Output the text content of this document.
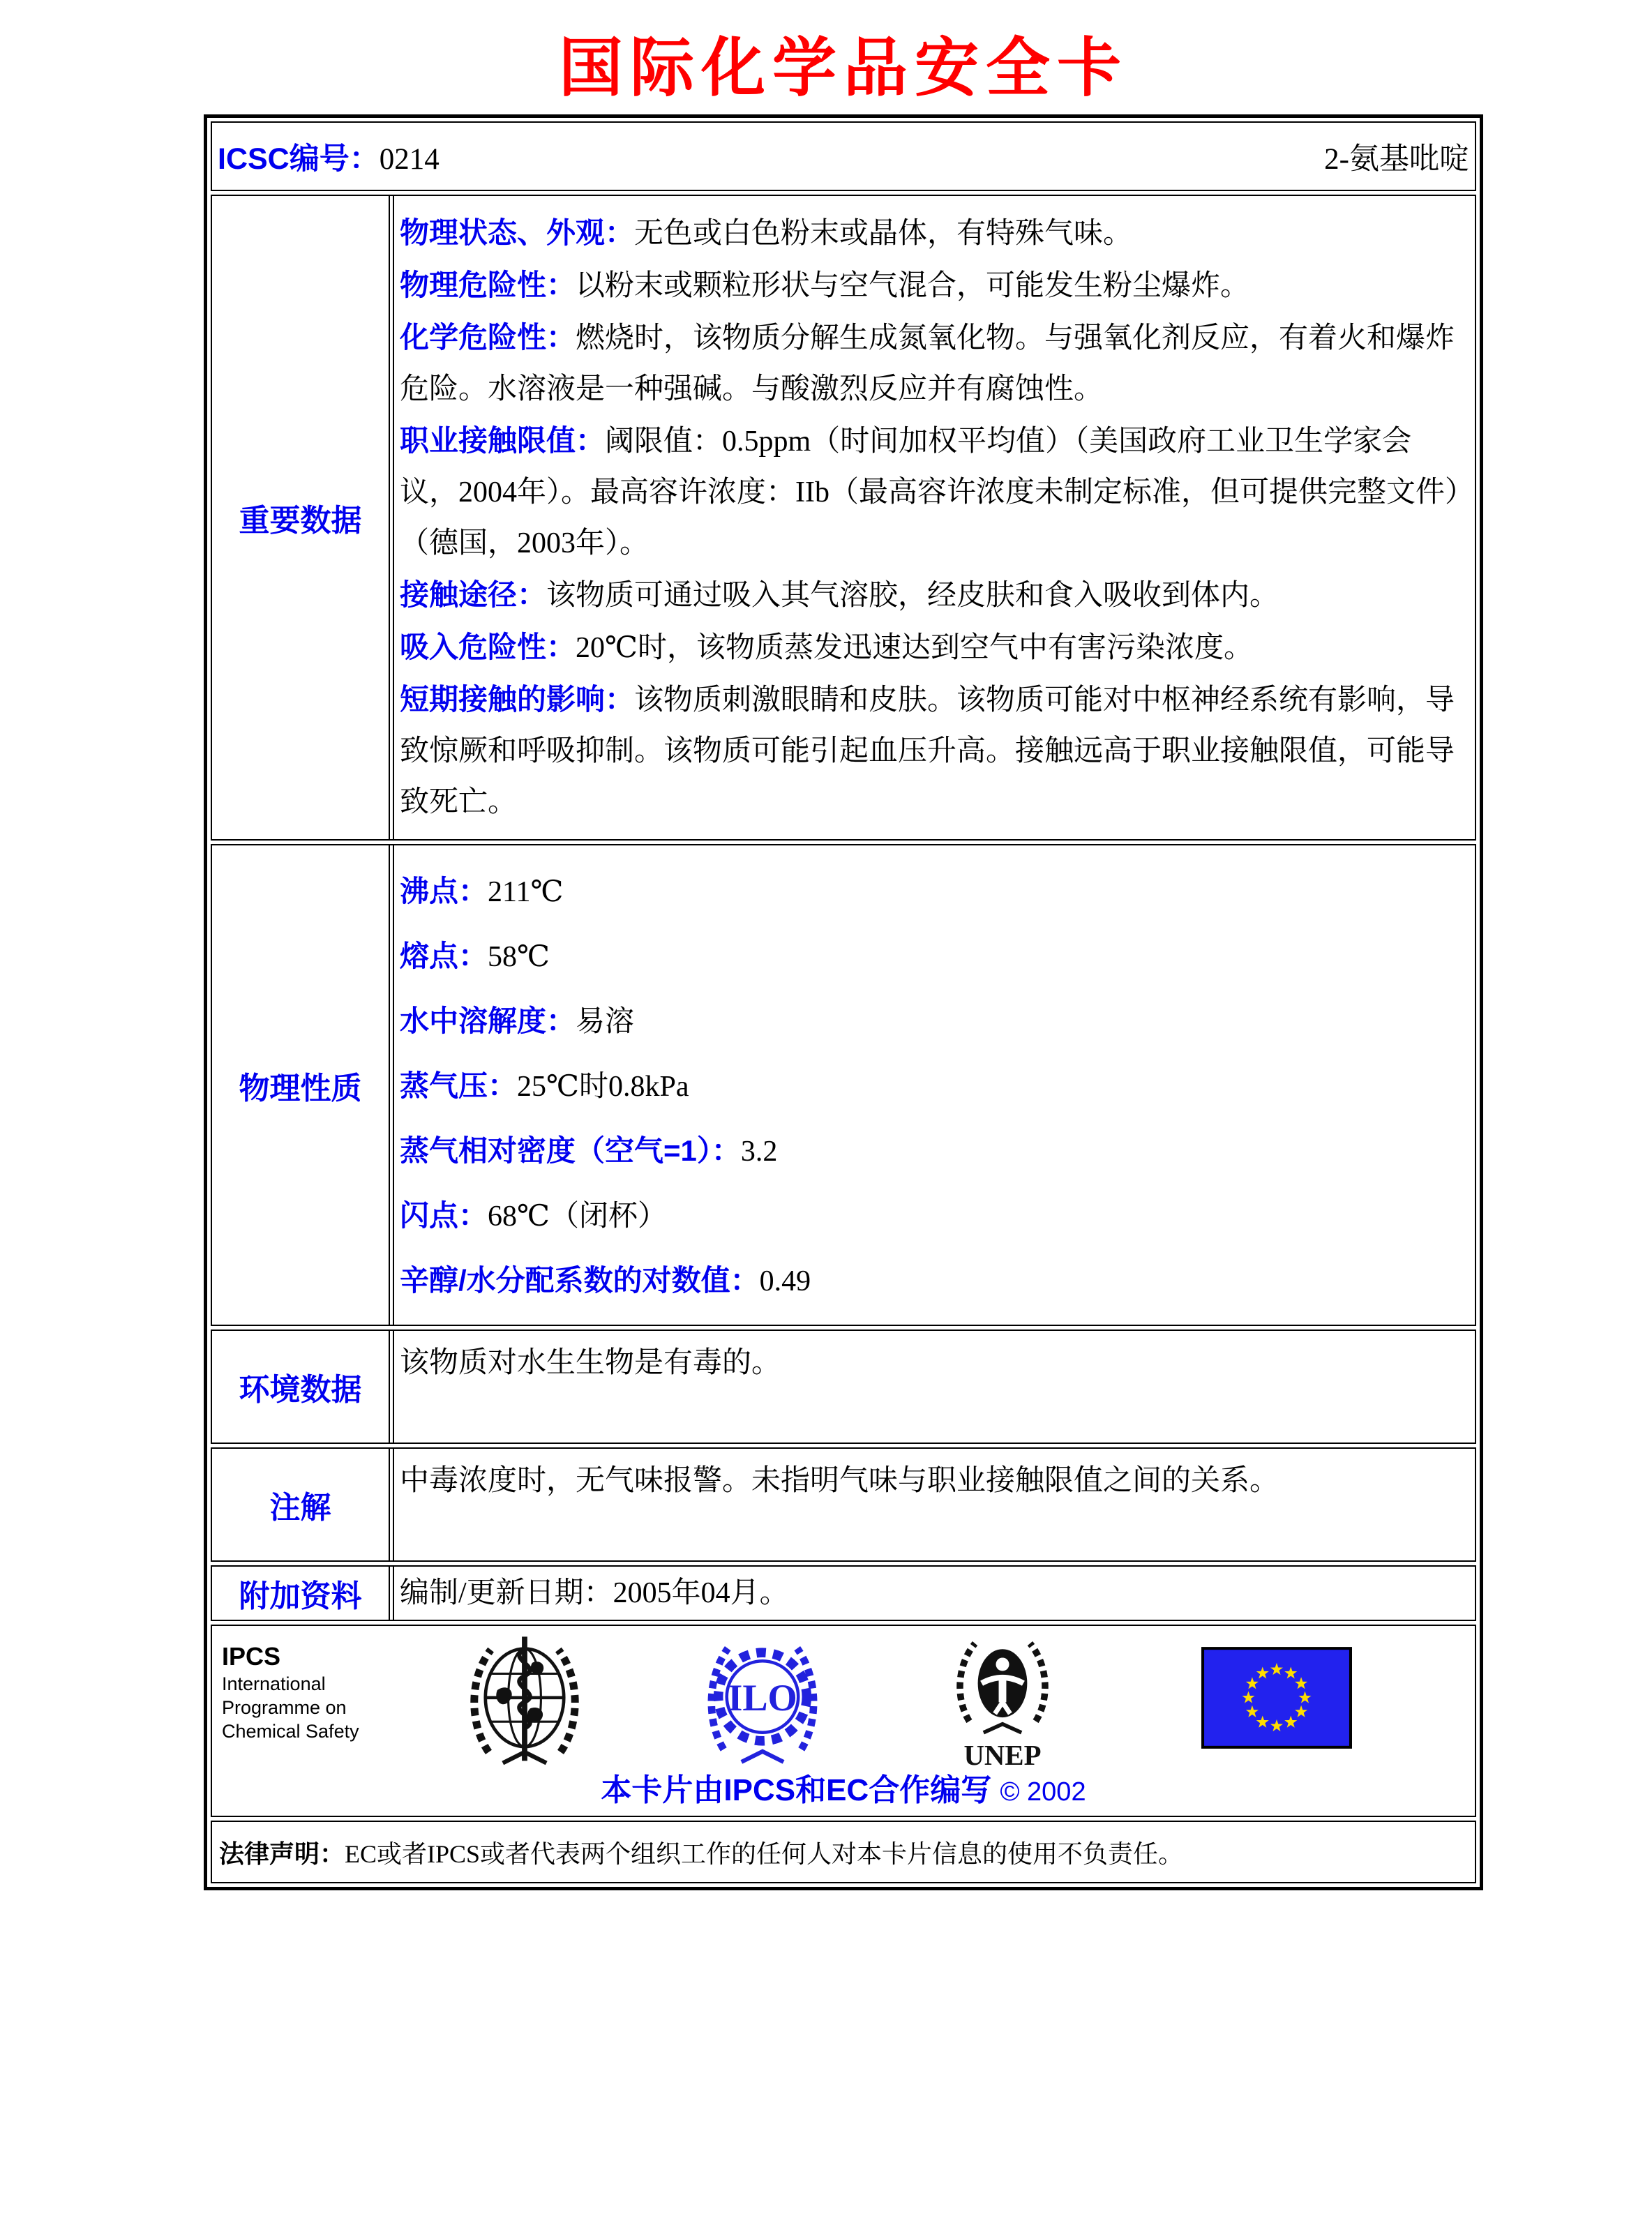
国际化学品安全卡
ICSC编号：0214	2-氨基吡啶
重要数据

物理状态、外观：无色或白色粉末或晶体，有特殊气味。

物理危险性：以粉末或颗粒形状与空气混合，可能发生粉尘爆炸。

化学危险性：燃烧时，该物质分解生成氮氧化物。与强氧化剂反应，有着火和爆炸危险。水溶液是一种强碱。与酸激烈反应并有腐蚀性。

职业接触限值：阈限值：0.5ppm（时间加权平均值）（美国政府工业卫生学家会议，2004年）。最高容许浓度：IIb（最高容许浓度未制定标准，但可提供完整文件）（德国，2003年）。

接触途径：该物质可通过吸入其气溶胶，经皮肤和食入吸收到体内。

吸入危险性：20℃时，该物质蒸发迅速达到空气中有害污染浓度。

短期接触的影响：该物质刺激眼睛和皮肤。该物质可能对中枢神经系统有影响，导致惊厥和呼吸抑制。该物质可能引起血压升高。接触远高于职业接触限值，可能导致死亡。

物理性质

沸点：211℃

熔点：58℃

水中溶解度：易溶

蒸气压：25℃时0.8kPa

蒸气相对密度（空气=1）：3.2

闪点：68℃（闭杯）

辛醇/水分配系数的对数值：0.49

环境数据
该物质对水生生物是有毒的。
注解
中毒浓度时，无气味报警。未指明气味与职业接触限值之间的关系。
附加资料	编制/更新日期：2005年04月。
IPCS
International
Programme on
Chemical Safety
ILO
UNEP
本卡片由IPCS和EC合作编写 © 2002
法律声明：EC或者IPCS或者代表两个组织工作的任何人对本卡片信息的使用不负责任。
